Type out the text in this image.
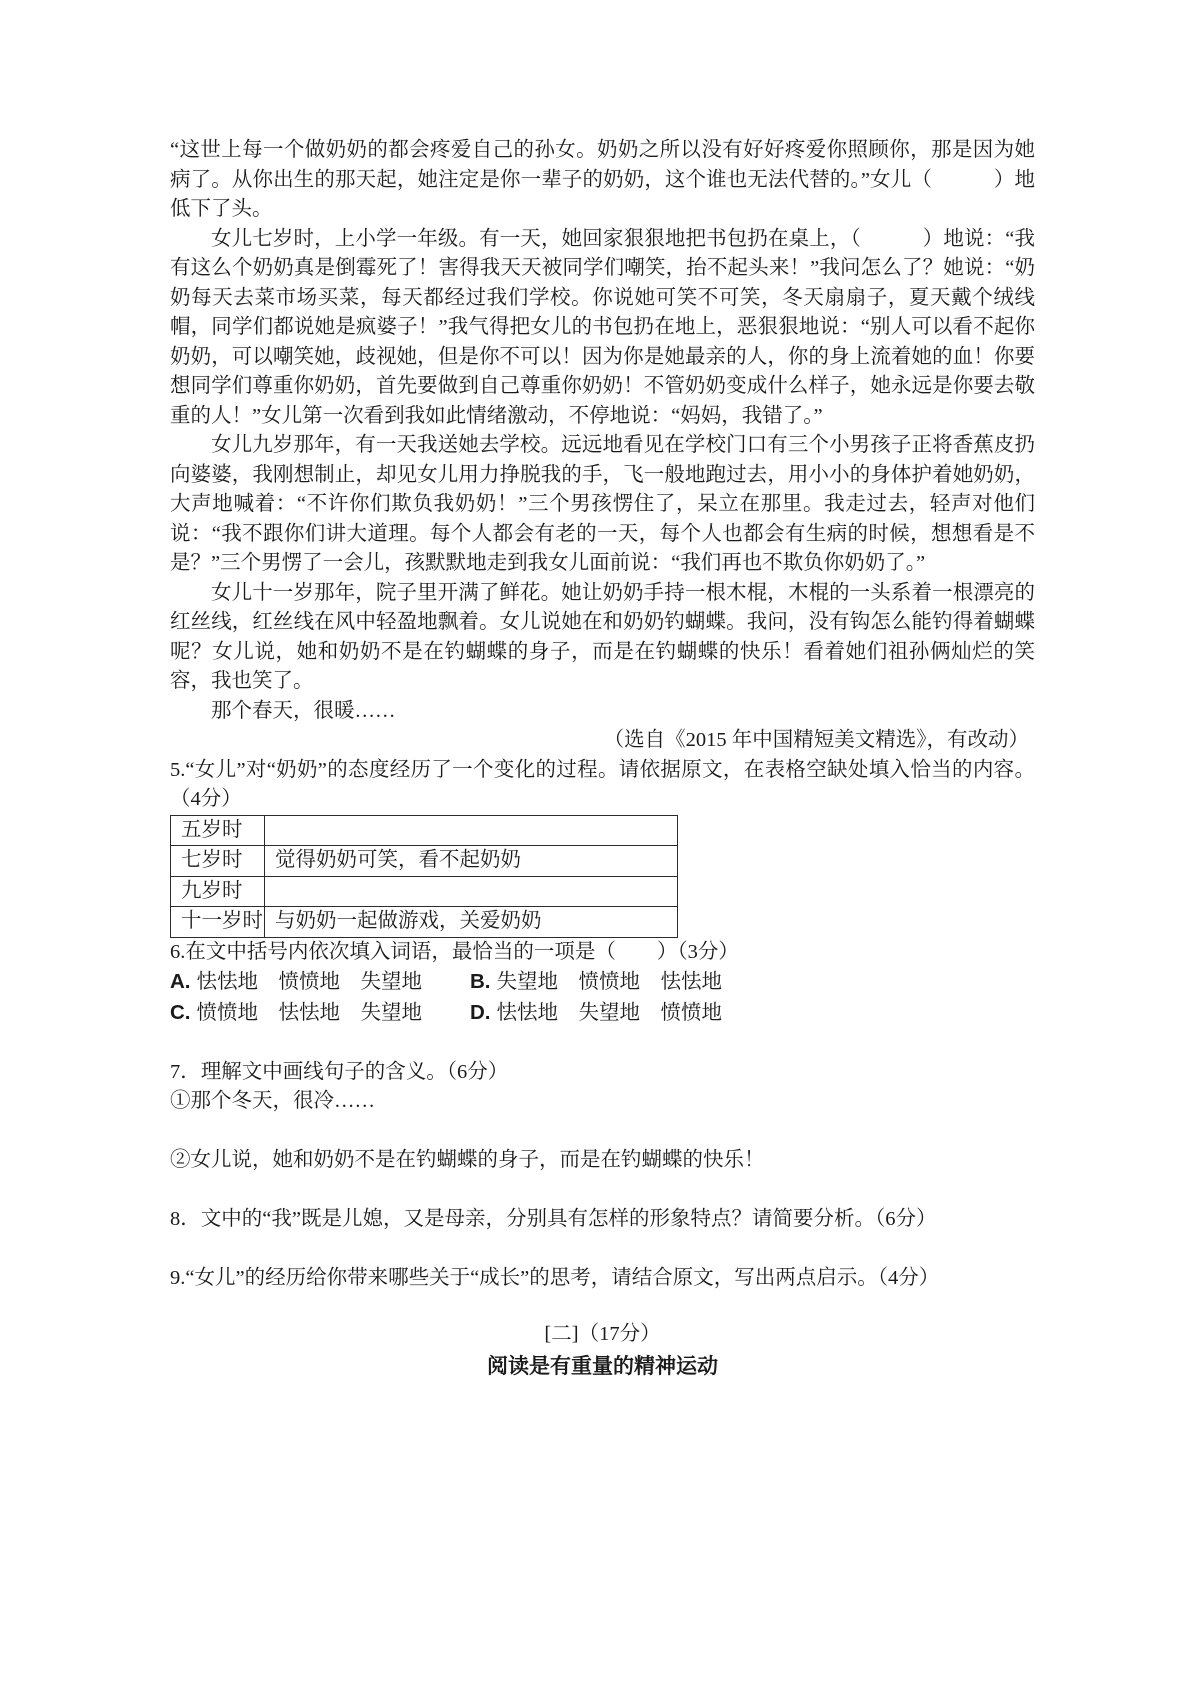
“这世上每一个做奶奶的都会疼爱自己的孙女。奶奶之所以没有好好疼爱你照顾你，那是因为她病了。从你出生的那天起，她注定是你一辈子的奶奶，这个谁也无法代替的。”女儿（　　　）地低下了头。

女儿七岁时，上小学一年级。有一天，她回家狠狠地把书包扔在桌上，（　　　）地说：“我有这么个奶奶真是倒霉死了！害得我天天被同学们嘲笑，抬不起头来！”我问怎么了？她说：“奶奶每天去菜市场买菜，每天都经过我们学校。你说她可笑不可笑，冬天扇扇子，夏天戴个绒线帽，同学们都说她是疯婆子！”我气得把女儿的书包扔在地上，恶狠狠地说：“别人可以看不起你奶奶，可以嘲笑她，歧视她，但是你不可以！因为你是她最亲的人，你的身上流着她的血！你要想同学们尊重你奶奶，首先要做到自己尊重你奶奶！不管奶奶变成什么样子，她永远是你要去敬重的人！”女儿第一次看到我如此情绪激动，不停地说：“妈妈，我错了。”

女儿九岁那年，有一天我送她去学校。远远地看见在学校门口有三个小男孩子正将香蕉皮扔向婆婆，我刚想制止，却见女儿用力挣脱我的手，飞一般地跑过去，用小小的身体护着她奶奶，大声地喊着：“不许你们欺负我奶奶！”三个男孩愣住了，呆立在那里。我走过去，轻声对他们说：“我不跟你们讲大道理。每个人都会有老的一天，每个人也都会有生病的时候，想想看是不是？”三个男愣了一会儿，孩默默地走到我女儿面前说：“我们再也不欺负你奶奶了。”

女儿十一岁那年，院子里开满了鲜花。她让奶奶手持一根木棍，木棍的一头系着一根漂亮的红丝线，红丝线在风中轻盈地飘着。女儿说她在和奶奶钓蝴蝶。我问，没有钩怎么能钓得着蝴蝶呢？女儿说，她和奶奶不是在钓蝴蝶的身子，而是在钓蝴蝶的快乐！看着她们祖孙俩灿烂的笑容，我也笑了。

那个春天，很暖……

（选自《2015 年中国精短美文精选》，有改动）
5.“女儿”对“奶奶”的态度经历了一个变化的过程。请依据原文，在表格空缺处填入恰当的内容。（4分）
五岁时	
七岁时	觉得奶奶可笑，看不起奶奶
九岁时	
十一岁时	与奶奶一起做游戏，关爱奶奶
6.在文中括号内依次填入词语，最恰当的一项是（　　）（3分）
A. 怯怯地　愤愤地　失望地	B. 失望地　愤愤地　怯怯地
C. 愤愤地　怯怯地　失望地	D. 怯怯地　失望地　愤愤地
7．理解文中画线句子的含义。（6分）
①那个冬天，很冷……
②女儿说，她和奶奶不是在钓蝴蝶的身子，而是在钓蝴蝶的快乐！
8．文中的“我”既是儿媳，又是母亲，分别具有怎样的形象特点？请简要分析。（6分）
9.“女儿”的经历给你带来哪些关于“成长”的思考，请结合原文，写出两点启示。（4分）
[二]（17分）
阅读是有重量的精神运动
